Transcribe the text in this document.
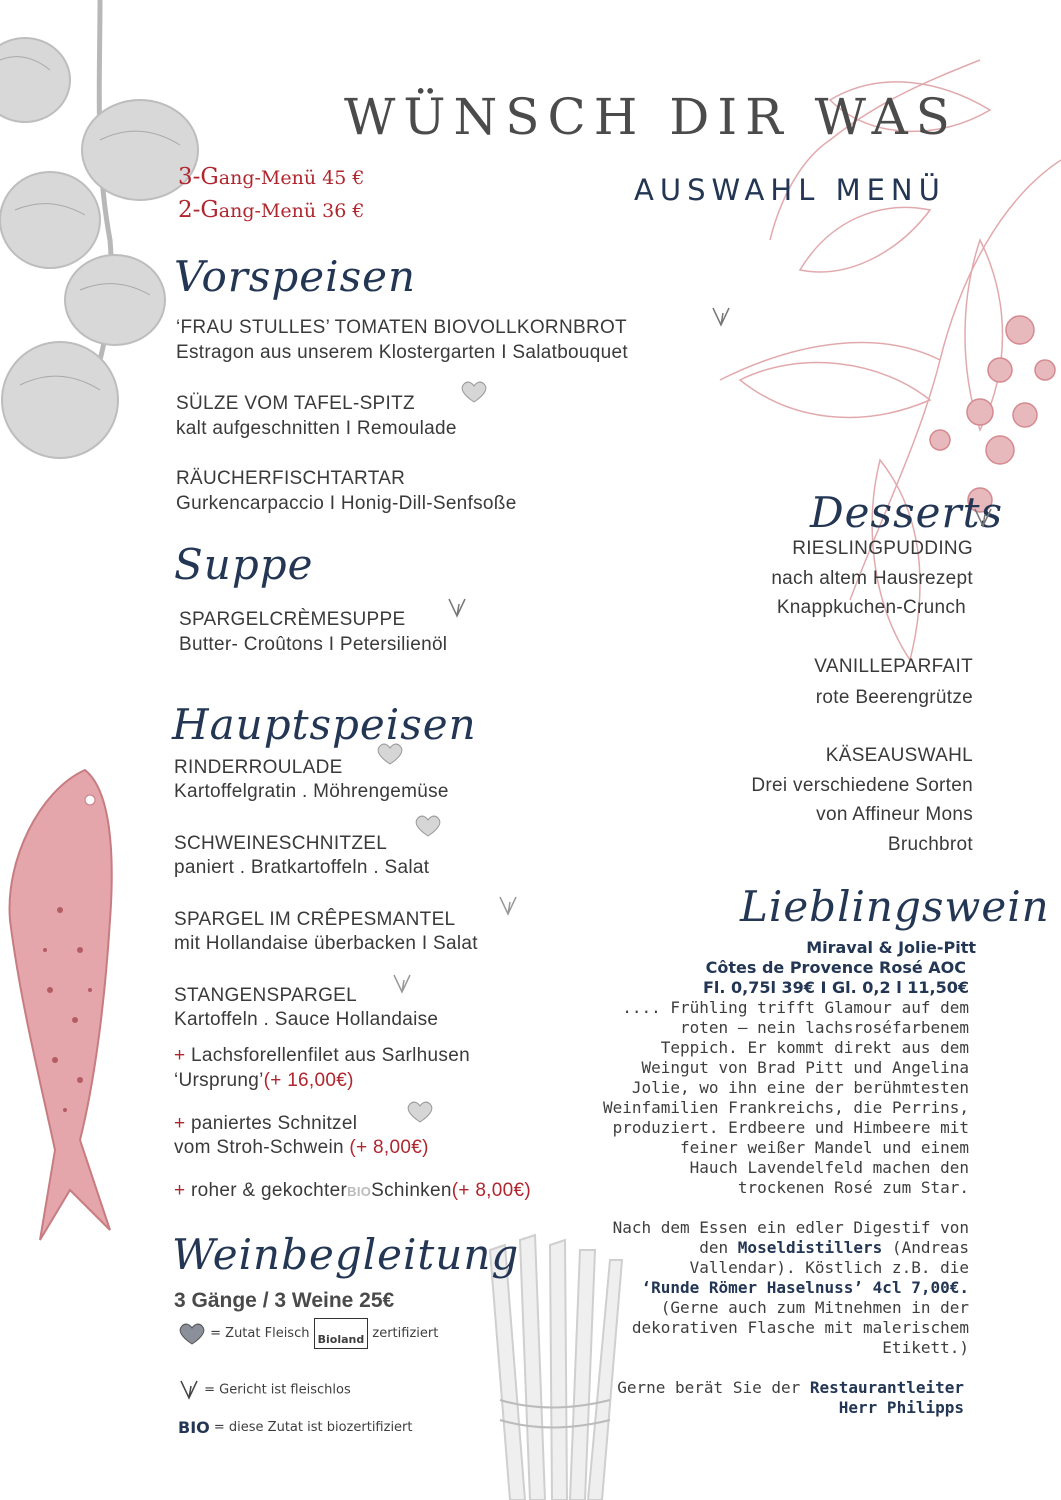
WÜNSCH DIR WAS
AUSWAHL MENÜ
3-Gang-Menü 45 €
2-Gang-Menü 36 €
Vorspeisen
‘FRAU STULLES’ TOMATEN BIOVOLLKORNBROT
Estragon aus unserem Klostergarten I Salatbouquet
SÜLZE VOM TAFEL-SPITZ
kalt aufgeschnitten I Remoulade
RÄUCHERFISCHTARTAR
Gurkencarpaccio I Honig-Dill-Senfsoße
Suppe
SPARGELCRÈMESUPPE
Butter- Croûtons I Petersilienöl
Hauptspeisen
RINDERROULADE
Kartoffelgratin . Möhrengemüse
SCHWEINESCHNITZEL
paniert . Bratkartoffeln . Salat
SPARGEL IM CRÊPESMANTEL
mit Hollandaise überbacken I Salat
STANGENSPARGEL
Kartoffeln . Sauce Hollandaise
+ Lachsforellenfilet aus Sarlhusen
‘Ursprung’(+ 16,00€)
+ paniertes Schnitzel
vom Stroh-Schwein (+ 8,00€)
+ roher & gekochterBIOSchinken(+ 8,00€)
Weinbegleitung
3 Gänge / 3 Weine 25€
= Zutat Fleisch Bioland zertifiziert
= Gericht ist fleischlos
BIO = diese Zutat ist biozertifiziert
Desserts
RIESLINGPUDDING
nach altem Hausrezept
Knappkuchen-Crunch
VANILLEPARFAIT
rote Beerengrütze
KÄSEAUSWAHL
Drei verschiedene Sorten
von Affineur Mons
Bruchbrot
Lieblingswein
Miraval & Jolie-Pitt
Côtes de Provence Rosé AOC
Fl. 0,75l 39€ I Gl. 0,2 l 11,50€
.... Frühling trifft Glamour auf dem
roten – nein lachsroséfarbenem
Teppich. Er kommt direkt aus dem
Weingut von Brad Pitt und Angelina
Jolie, wo ihn eine der berühmtesten
Weinfamilien Frankreichs, die Perrins,
produziert. Erdbeere und Himbeere mit
feiner weißer Mandel und einem
Hauch Lavendelfeld machen den
trockenen Rosé zum Star.
Nach dem Essen ein edler Digestif von
den Moseldistillers (Andreas
Vallendar). Köstlich z.B. die
‘Runde Römer Haselnuss’ 4cl 7,00€.
(Gerne auch zum Mitnehmen in der
dekorativen Flasche mit malerischem
Etikett.)
Gerne berät Sie der Restaurantleiter
Herr Philipps
